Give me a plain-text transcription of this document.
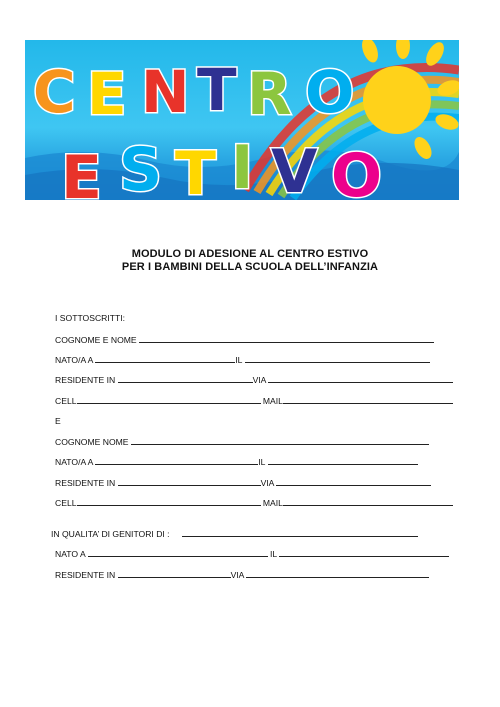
C E N T R O
E S T I V O
MODULO DI ADESIONE AL CENTRO ESTIVO
PER I BAMBINI DELLA SCUOLA DELL’INFANZIA
I SOTTOSCRITTI:
COGNOME E NOME
NATO/A A	IL
RESIDENTE IN	VIA
CELL	MAIL
E
COGNOME NOME
NATO/A A	IL
RESIDENTE IN	VIA
CELL	MAIL
IN QUALITA’ DI GENITORI DI :
NATO A	IL
RESIDENTE IN	VIA
